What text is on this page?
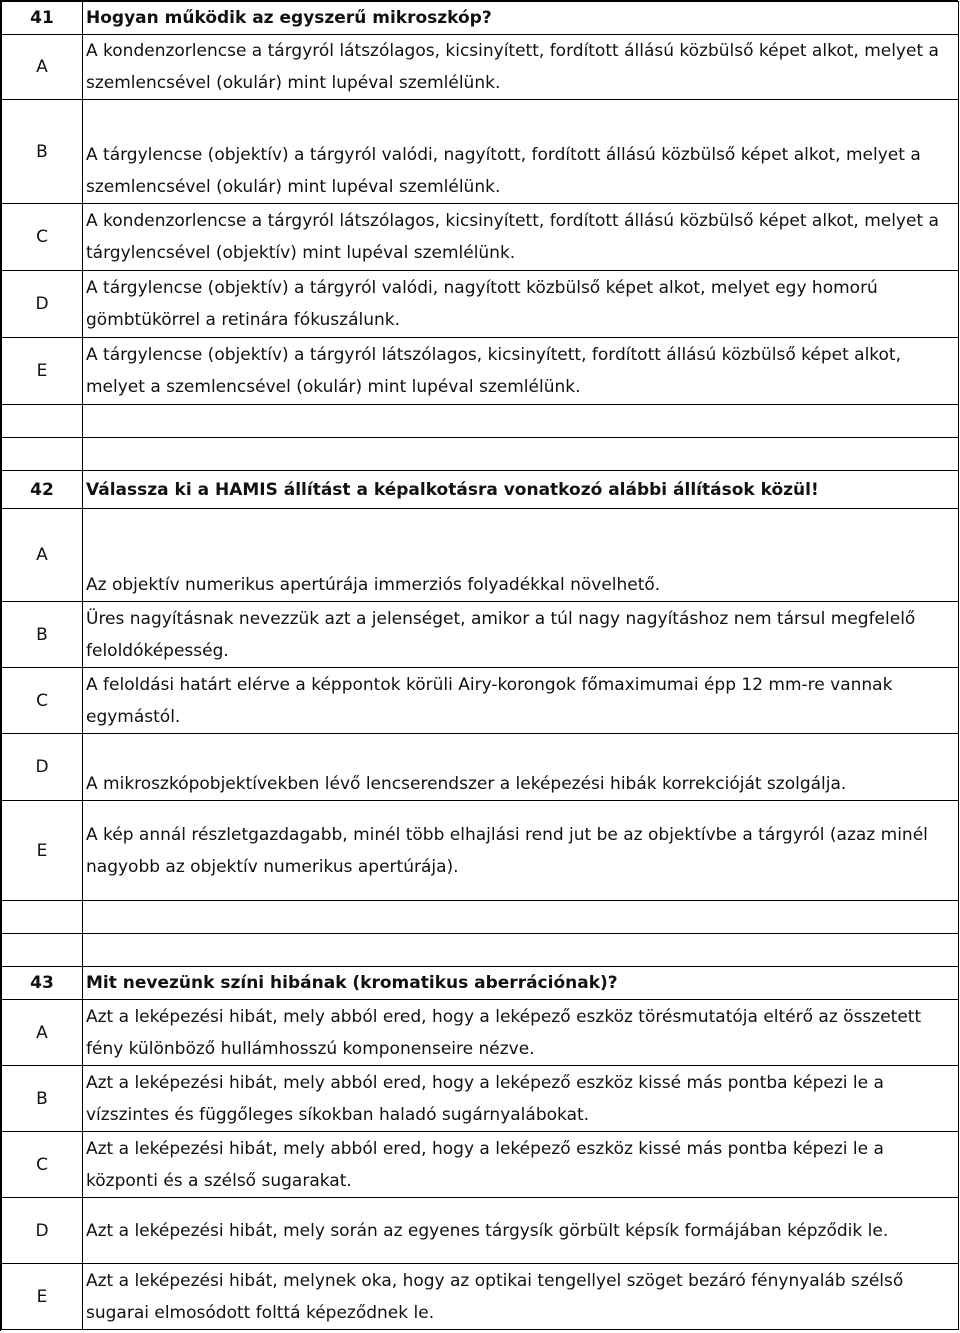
41	Hogyan működik az egyszerű mikroszkóp?
A	A kondenzorlencse a tárgyról látszólagos, kicsinyített, fordított állású közbülső képet alkot, melyet a szemlencsével (okulár) mint lupéval szemlélünk.
B	A tárgylencse (objektív) a tárgyról valódi, nagyított, fordított állású közbülső képet alkot, melyet a szemlencsével (okulár) mint lupéval szemlélünk.
C	A kondenzorlencse a tárgyról látszólagos, kicsinyített, fordított állású közbülső képet alkot, melyet a tárgylencsével (objektív) mint lupéval szemlélünk.
D	A tárgylencse (objektív) a tárgyról valódi, nagyított közbülső képet alkot, melyet egy homorú gömbtükörrel a retinára fókuszálunk.
E	A tárgylencse (objektív) a tárgyról látszólagos, kicsinyített, fordított állású közbülső képet alkot, melyet a szemlencsével (okulár) mint lupéval szemlélünk.

42	Válassza ki a HAMIS állítást a képalkotásra vonatkozó alábbi állítások közül!
A	Az objektív numerikus apertúrája immerziós folyadékkal növelhető.
B	Üres nagyításnak nevezzük azt a jelenséget, amikor a túl nagy nagyításhoz nem társul megfelelő feloldóképesség.
C	A feloldási határt elérve a képpontok körüli Airy-korongok főmaximumai épp 12 mm-re vannak egymástól.
D	A mikroszkópobjektívekben lévő lencserendszer a leképezési hibák korrekcióját szolgálja.
E	A kép annál részletgazdagabb, minél több elhajlási rend jut be az objektívbe a tárgyról (azaz minél nagyobb az objektív numerikus apertúrája).

43	Mit nevezünk színi hibának (kromatikus aberrációnak)?
A	Azt a leképezési hibát, mely abból ered, hogy a leképező eszköz törésmutatója eltérő az összetett fény különböző hullámhosszú komponenseire nézve.
B	Azt a leképezési hibát, mely abból ered, hogy a leképező eszköz kissé más pontba képezi le a vízszintes és függőleges síkokban haladó sugárnyalábokat.
C	Azt a leképezési hibát, mely abból ered, hogy a leképező eszköz kissé más pontba képezi le a központi és a szélső sugarakat.
D	Azt a leképezési hibát, mely során az egyenes tárgysík görbült képsík formájában képződik le.
E	Azt a leképezési hibát, melynek oka, hogy az optikai tengellyel szöget bezáró fénynyaláb szélső sugarai elmosódott folttá képeződnek le.
